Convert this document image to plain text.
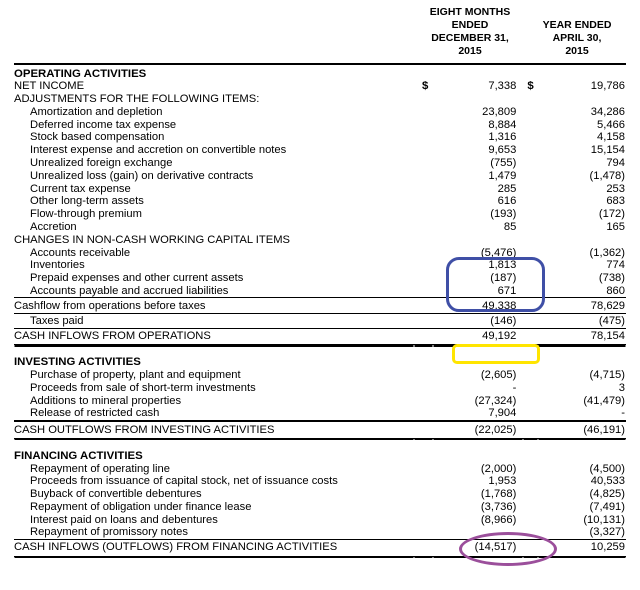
EIGHT MONTHS
ENDED
DECEMBER 31,
2015
YEAR ENDED
APRIL 30,
2015
OPERATING ACTIVITIES				
NET INCOME	$	7,338	$	19,786
ADJUSTMENTS FOR THE FOLLOWING ITEMS:				
Amortization and depletion		23,809		34,286
Deferred income tax expense		8,884		5,466
Stock based compensation		1,316		4,158
Interest expense and accretion on convertible notes		9,653		15,154
Unrealized foreign exchange		(755)		794
Unrealized loss (gain) on derivative contracts		1,479		(1,478)
Current tax expense		285		253
Other long-term assets		616		683
Flow-through premium		(193)		(172)
Accretion		85		165
CHANGES IN NON-CASH WORKING CAPITAL ITEMS				
Accounts receivable		(5,476)		(1,362)
Inventories		1,813		774
Prepaid expenses and other current assets		(187)		(738)
Accounts payable and accrued liabilities		671		860
Cashflow from operations before taxes		49,338		78,629
Taxes paid		(146)		(475)
CASH INFLOWS FROM OPERATIONS		49,192		78,154

INVESTING ACTIVITIES				
Purchase of property, plant and equipment		(2,605)		(4,715)
Proceeds from sale of short-term investments		-		3
Additions to mineral properties		(27,324)		(41,479)
Release of restricted cash		7,904		-
CASH OUTFLOWS FROM INVESTING ACTIVITIES		(22,025)		(46,191)

FINANCING ACTIVITIES				
Repayment of operating line		(2,000)		(4,500)
Proceeds from issuance of capital stock, net of issuance costs		1,953		40,533
Buyback of convertible debentures		(1,768)		(4,825)
Repayment of obligation under finance lease		(3,736)		(7,491)
Interest paid on loans and debentures		(8,966)		(10,131)
Repayment of promissory notes				(3,327)
CASH INFLOWS (OUTFLOWS) FROM FINANCING ACTIVITIES		(14,517)		10,259
